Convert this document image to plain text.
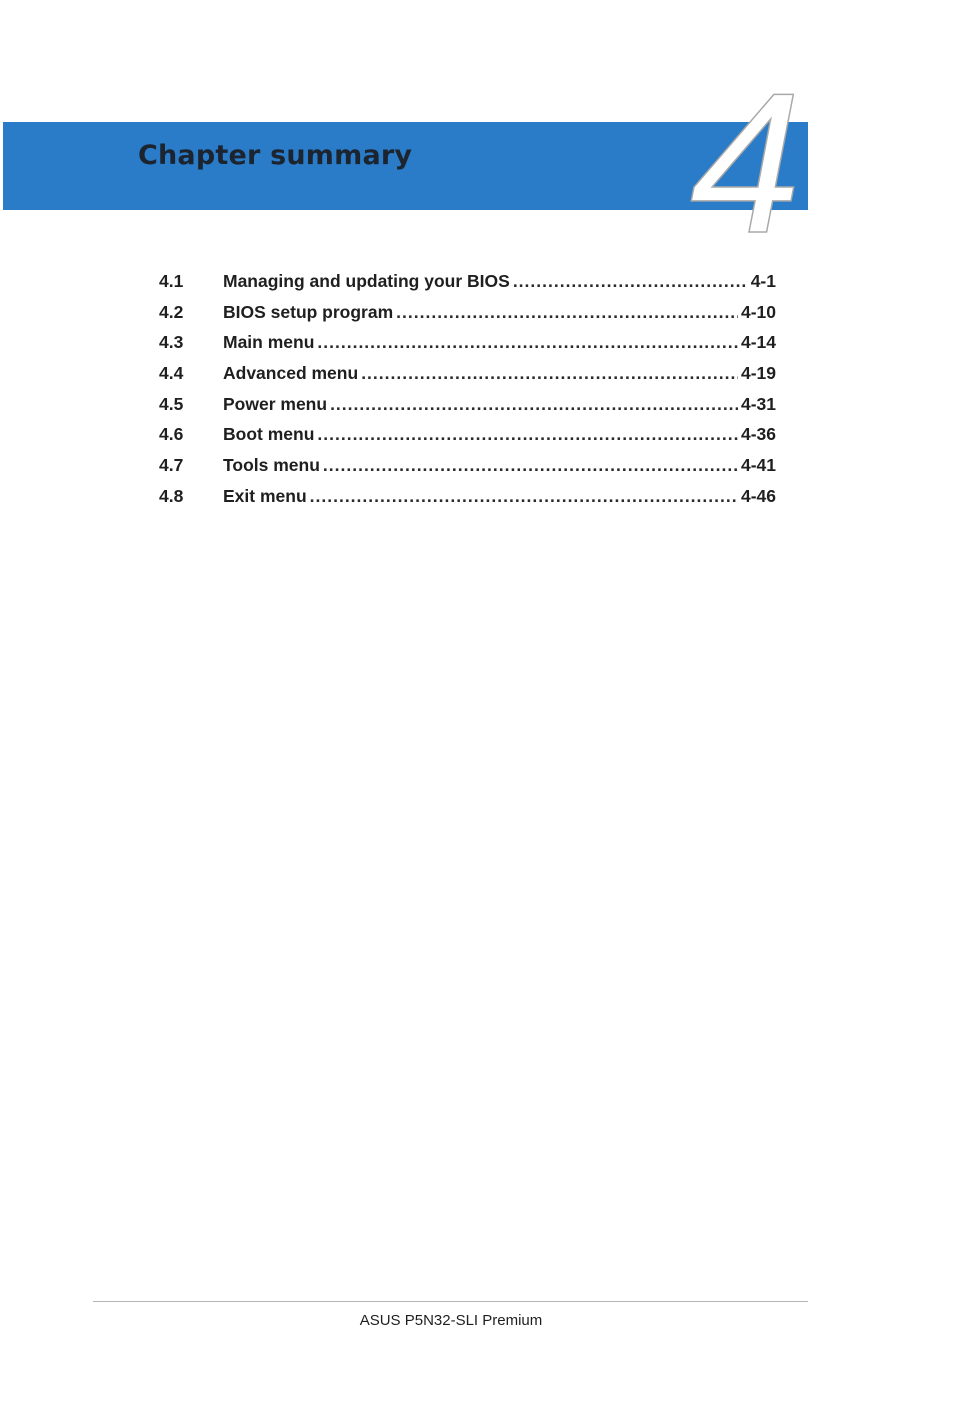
4
Chapter summary
4.1	Managing and updating your BIOS .....	4-1
4.2	BIOS setup program .....	4-10
4.3	Main menu .....	4-14
4.4	Advanced menu .....	4-19
4.5	Power menu .....	4-31
4.6	Boot menu .....	4-36
4.7	Tools menu .....	4-41
4.8	Exit menu .....	4-46
ASUS P5N32-SLI Premium
